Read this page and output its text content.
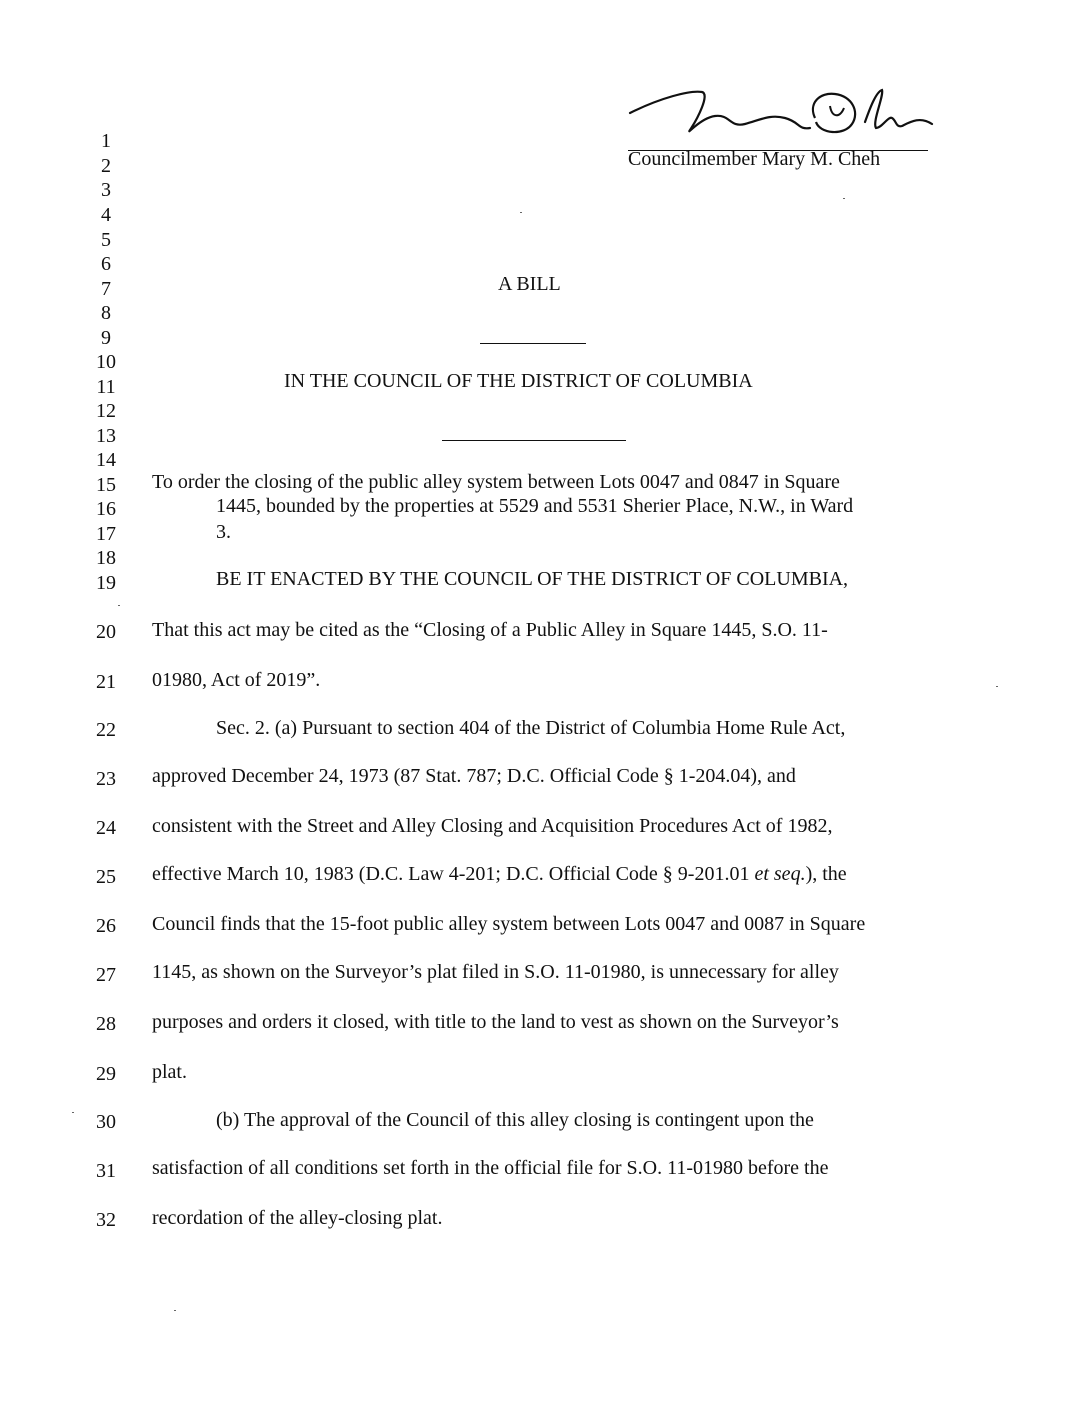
Councilmember Mary M. Cheh
1
2
3
4
5
6
7
8
9
10
11
12
13
14
15
16
17
18
19
20
21
22
23
24
25
26
27
28
29
30
31
32
A BILL
IN THE COUNCIL OF THE DISTRICT OF COLUMBIA
To order the closing of the public alley system between Lots 0047 and 0847 in Square
1445, bounded by the properties at 5529 and 5531 Sherier Place, N.W., in Ward
3.
BE IT ENACTED BY THE COUNCIL OF THE DISTRICT OF COLUMBIA,
That this act may be cited as the “Closing of a Public Alley in Square 1445, S.O. 11-
01980, Act of 2019”.
Sec. 2. (a) Pursuant to section 404 of the District of Columbia Home Rule Act,
approved December 24, 1973 (87 Stat. 787; D.C. Official Code § 1-204.04), and
consistent with the Street and Alley Closing and Acquisition Procedures Act of 1982,
effective March 10, 1983 (D.C. Law 4-201; D.C. Official Code § 9-201.01 et seq.), the
Council finds that the 15-foot public alley system between Lots 0047 and 0087 in Square
1145, as shown on the Surveyor’s plat filed in S.O. 11-01980, is unnecessary for alley
purposes and orders it closed, with title to the land to vest as shown on the Surveyor’s
plat.
(b) The approval of the Council of this alley closing is contingent upon the
satisfaction of all conditions set forth in the official file for S.O. 11-01980 before the
recordation of the alley-closing plat.
